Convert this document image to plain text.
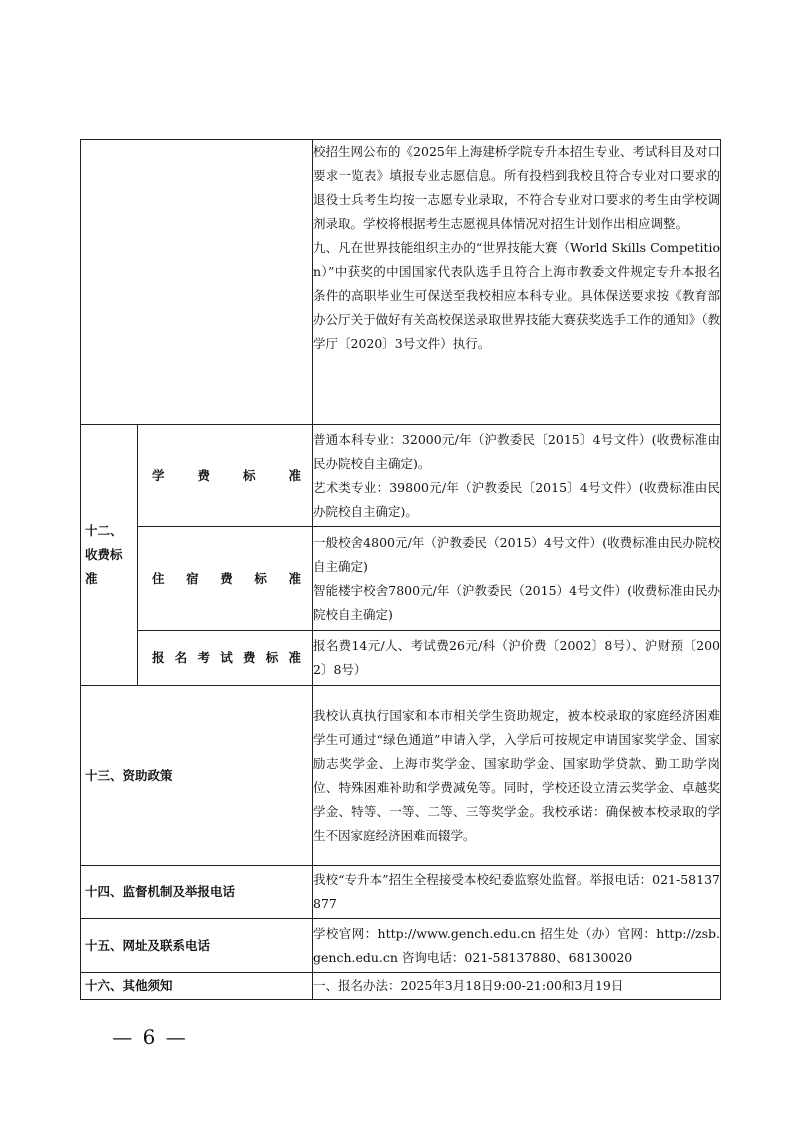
		校招生网公布的《2025年上海建桥学院专升本招生专业、考试科目及对口要求一览表》填报专业志愿信息。所有投档到我校且符合专业对口要求的退役士兵考生均按一志愿专业录取，不符合专业对口要求的考生由学校调剂录取。学校将根据考生志愿视具体情况对招生计划作出相应调整。
九、凡在世界技能组织主办的“世界技能大赛（World Skills Competition）”中获奖的中国国家代表队选手且符合上海市教委文件规定专升本报名条件的高职毕业生可保送至我校相应本科专业。具体保送要求按《教育部办公厅关于做好有关高校保送录取世界技能大赛获奖选手工作的通知》（教学厅〔2020〕3号文件）执行。

十二、收费标准	学费标准	普通本科专业：32000元/年（沪教委民〔2015〕4号文件）(收费标准由民办院校自主确定)。
艺术类专业：39800元/年（沪教委民〔2015〕4号文件）(收费标准由民办院校自主确定)。

	住宿费标准	一般校舍4800元/年（沪教委民（2015）4号文件）(收费标准由民办院校自主确定)
智能楼宇校舍7800元/年（沪教委民（2015）4号文件）(收费标准由民办院校自主确定)

	报名考试费标准	报名费14元/人、考试费26元/科（沪价费〔2002〕8号）、沪财预〔2002〕8号）

十三、资助政策		我校认真执行国家和本市相关学生资助规定，被本校录取的家庭经济困难学生可通过“绿色通道”申请入学，入学后可按规定申请国家奖学金、国家励志奖学金、上海市奖学金、国家助学金、国家助学贷款、勤工助学岗位、特殊困难补助和学费减免等。同时，学校还设立清云奖学金、卓越奖学金、特等、一等、二等、三等奖学金。我校承诺：确保被本校录取的学生不因家庭经济困难而辍学。

十四、监督机制及举报电话		我校“专升本”招生全程接受本校纪委监察处监督。举报电话：021-58137877

十五、网址及联系电话		学校官网：http://www.gench.edu.cn 招生处（办）官网：http://zsb.gench.edu.cn 咨询电话：021-58137880、68130020

十六、其他须知		一、报名办法：2025年3月18日9:00-21:00和3月19日
— 6 —
